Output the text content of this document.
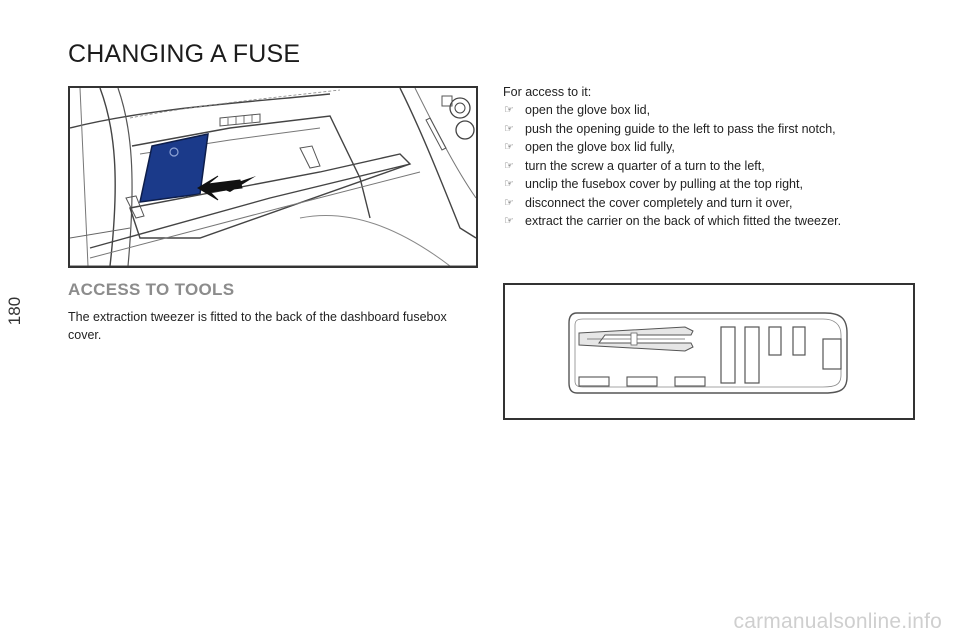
180
CHANGING A FUSE
ACCESS TO TOOLS

The extraction tweezer is fitted to the back of the dashboard fusebox cover.

For access to it:

☞ open the glove box lid,
☞ push the opening guide to the left to pass the first notch,
☞ open the glove box lid fully,
☞ turn the screw a quarter of a turn to the left,
☞ unclip the fusebox cover by pulling at the top right,
☞ disconnect the cover completely and turn it over,
☞ extract the carrier on the back of which fitted the tweezer.
carmanualsonline.info
